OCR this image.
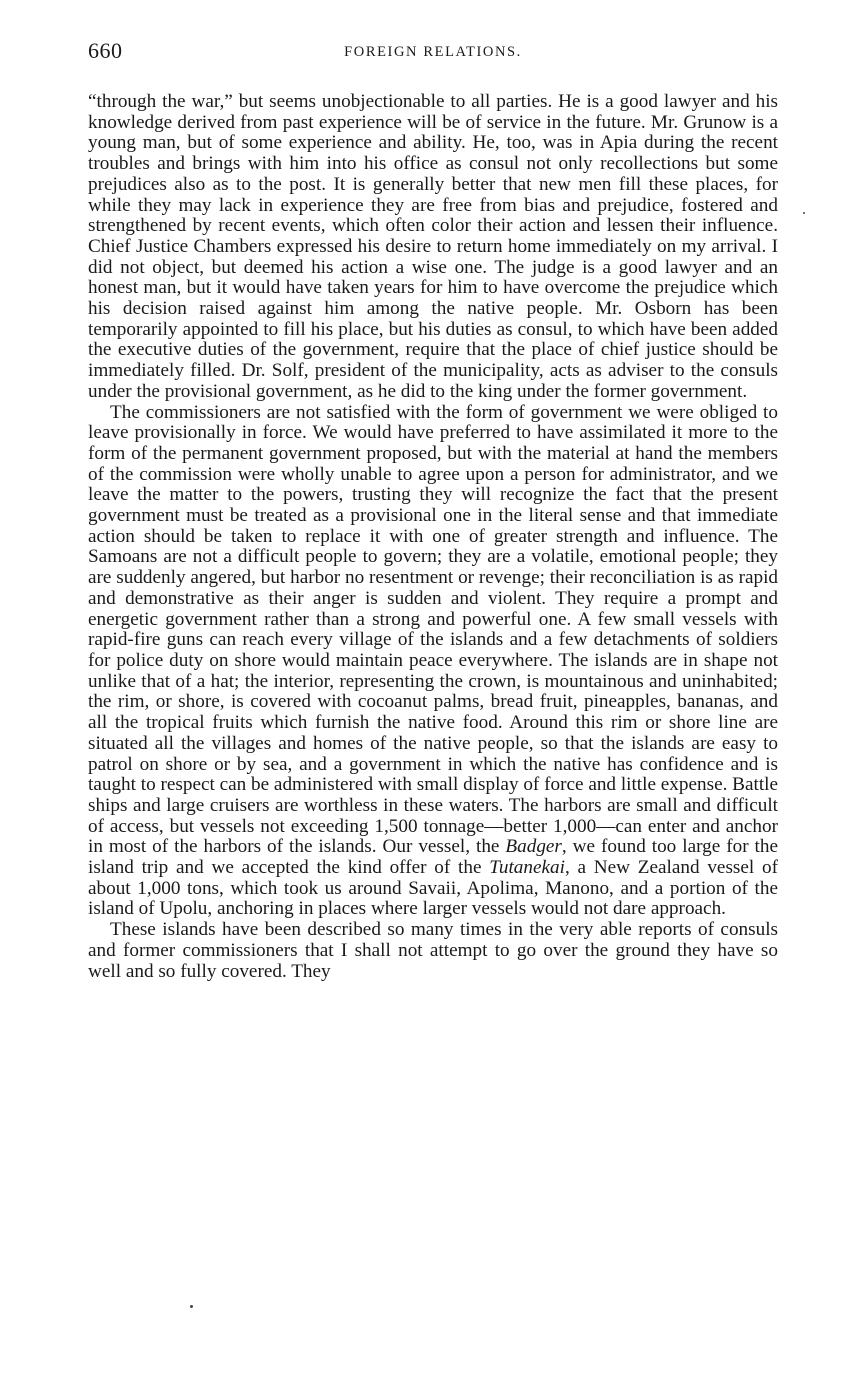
660	FOREIGN RELATIONS.

“through the war,” but seems unobjectionable to all parties. He is a good lawyer and his knowledge derived from past experience will be of service in the future. Mr. Grunow is a young man, but of some experience and ability. He, too, was in Apia during the recent troubles and brings with him into his office as consul not only recollections but some prejudices also as to the post. It is generally better that new men fill these places, for while they may lack in experience they are free from bias and prejudice, fostered and strengthened by recent events, which often color their action and lessen their influence. Chief Justice Chambers expressed his desire to return home immediately on my arrival. I did not object, but deemed his action a wise one. The judge is a good lawyer and an honest man, but it would have taken years for him to have overcome the prejudice which his decision raised against him among the native people. Mr. Osborn has been temporarily appointed to fill his place, but his duties as consul, to which have been added the executive duties of the government, require that the place of chief justice should be immediately filled. Dr. Solf, president of the municipality, acts as adviser to the consuls under the provisional government, as he did to the king under the former government.

The commissioners are not satisfied with the form of government we were obliged to leave provisionally in force. We would have preferred to have assimilated it more to the form of the permanent government proposed, but with the material at hand the members of the commission were wholly unable to agree upon a person for administrator, and we leave the matter to the powers, trusting they will recognize the fact that the present government must be treated as a provisional one in the literal sense and that immediate action should be taken to replace it with one of greater strength and influence. The Samoans are not a difficult people to govern; they are a volatile, emotional people; they are suddenly angered, but harbor no resentment or revenge; their reconciliation is as rapid and demonstrative as their anger is sudden and violent. They require a prompt and energetic government rather than a strong and powerful one. A few small vessels with rapid-fire guns can reach every village of the islands and a few detachments of soldiers for police duty on shore would maintain peace everywhere. The islands are in shape not unlike that of a hat; the interior, representing the crown, is mountainous and uninhabited; the rim, or shore, is covered with cocoanut palms, bread fruit, pineapples, bananas, and all the tropical fruits which furnish the native food. Around this rim or shore line are situated all the villages and homes of the native people, so that the islands are easy to patrol on shore or by sea, and a government in which the native has confidence and is taught to respect can be administered with small display of force and little expense. Battle ships and large cruisers are worthless in these waters. The harbors are small and difficult of access, but vessels not exceeding 1,500 tonnage—better 1,000—can enter and anchor in most of the harbors of the islands. Our vessel, the Badger, we found too large for the island trip and we accepted the kind offer of the Tutanekai, a New Zealand vessel of about 1,000 tons, which took us around Savaii, Apolima, Manono, and a portion of the island of Upolu, anchoring in places where larger vessels would not dare approach.

These islands have been described so many times in the very able reports of consuls and former commissioners that I shall not attempt to go over the ground they have so well and so fully covered. They
